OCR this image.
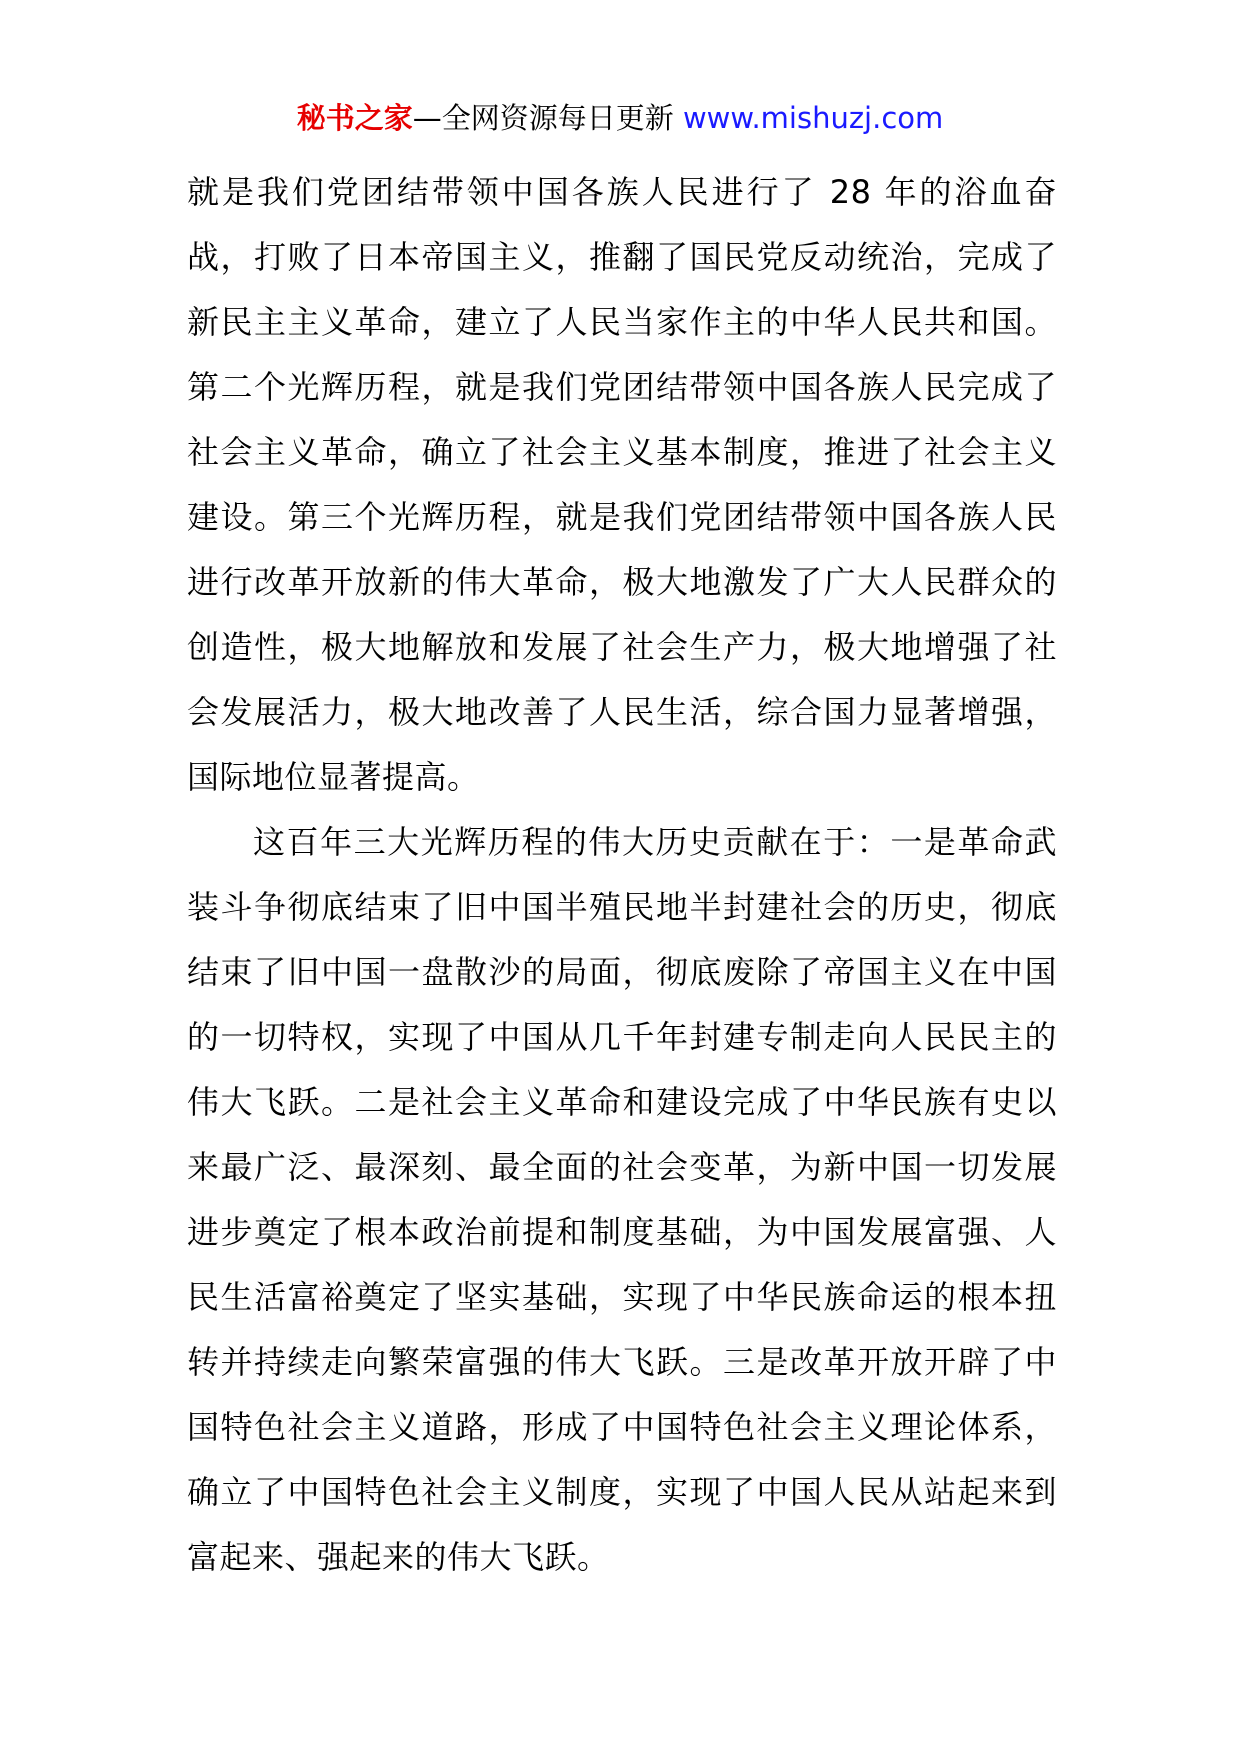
秘书之家—全网资源每日更新 www.mishuzj.com

就是我们党团结带领中国各族人民进行了 28 年的浴血奋战，打败了日本帝国主义，推翻了国民党反动统治，完成了新民主主义革命，建立了人民当家作主的中华人民共和国。第二个光辉历程，就是我们党团结带领中国各族人民完成了社会主义革命，确立了社会主义基本制度，推进了社会主义建设。第三个光辉历程，就是我们党团结带领中国各族人民进行改革开放新的伟大革命，极大地激发了广大人民群众的创造性，极大地解放和发展了社会生产力，极大地增强了社会发展活力，极大地改善了人民生活，综合国力显著增强，国际地位显著提高。

这百年三大光辉历程的伟大历史贡献在于：一是革命武装斗争彻底结束了旧中国半殖民地半封建社会的历史，彻底结束了旧中国一盘散沙的局面，彻底废除了帝国主义在中国的一切特权，实现了中国从几千年封建专制走向人民民主的伟大飞跃。二是社会主义革命和建设完成了中华民族有史以来最广泛、最深刻、最全面的社会变革，为新中国一切发展进步奠定了根本政治前提和制度基础，为中国发展富强、人民生活富裕奠定了坚实基础，实现了中华民族命运的根本扭转并持续走向繁荣富强的伟大飞跃。三是改革开放开辟了中国特色社会主义道路，形成了中国特色社会主义理论体系，确立了中国特色社会主义制度，实现了中国人民从站起来到富起来、强起来的伟大飞跃。
